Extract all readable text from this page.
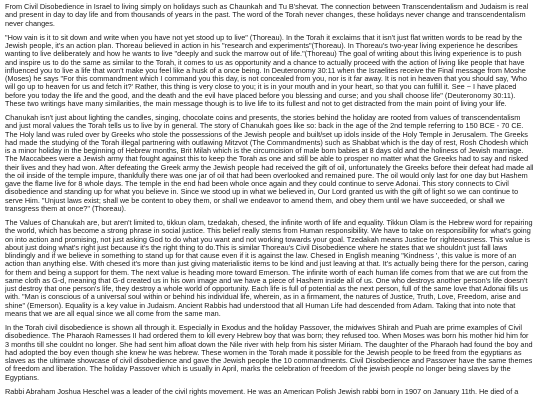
From Civil Disobedience in Israel to living simply on holidays such as Chaunkah and Tu B'shevat. The connection between Transcendentalism and Judaism is real and present in day to day life and from thousands of years in the past. The word of the Torah never changes, these holidays never change and transcendentalism never changes.

"How vain is it to sit down and write when you have not yet stood up to live" (Thoreau). In the Torah it exclaims that it isn't just flat written words to be read by the Jewish people, it's an action plan. Thoreau believed in action in his "research and experiments"(Thoreau). In Thoreau's two-year living experience he describes wanting to live deliberately and how he wants to live "deeply and suck the marrow out of life."(Thoreau) The goal of writing about this living experience is to push and inspire us to do the same as similar to the Torah, it comes to us as opportunity and a chance to actually proceed with the action of living like people that have influenced you to live a life that won't make you feel like a husk of a once being. In Deuteronomy 30:11 when the Israelites receive the Final message from Moshe (Moses) he says "For this commandment which I command you this day, is not concealed from you, nor is it far away. It is not in heaven that you should say, 'Who will go up to heaven for us and fetch it?' Rather, this thing is very close to you; it is in your mouth and in your heart, so that you can fulfill it. See ~ I have placed before you today the life and the good, and the death and the evil have placed before you blessing and curse; and you shall choose life" (Deuteronomy 30:11). These two writings have many similarities, the main message though is to live life to its fullest and not to get distracted from the main point of living your life.

Chanukah isn't just about lighting the candles, singing, chocolate coins and presents, the stories behind the holiday are rooted from values of transcendentalism and just moral values the Torah tells us to live by in general. The story of Chanukah goes like so: back in the age of the 2nd temple referring to 150 BCE - 70 CE. The Holy land was ruled over by Greeks who stole the possessions of the Jewish people and built/set up idols inside of the Holy Temple in Jerusalem. The Greeks had made the studying of the Torah illegal partnering with outlawing Mitzvot (The Commandments) such as Shabbat which is the day of rest, Rosh Chodesh which is a minor holiday in the beginning of Hebrew months, Brit Milah which is the circumcision of male born babies at 8 days old and the holiness of Jewish marriage. The Maccabees were a Jewish army that fought against this to keep the Torah as one and still be able to prosper no matter what the Greeks had to say and risked their lives and they had won. After defeating the Greek army the Jewish people had received the gift of oil, unfortunately the Greeks before their defeat had made all the oil inside of the temple impure, thankfully there was one jar of oil that had been overlooked and remained pure. The oil would only last for one day but Hashem gave the flame live for 8 whole days. The temple in the end had been whole once again and they could continue to serve Adonai. This story connects to Civil disobedience and standing up for what you believe in. Since we stood up in what we believed in, Our Lord granted us with the gift of light so we can continue to serve Him. "Unjust laws exist; shall we be content to obey them, or shall we endeavor to amend them, and obey them until we have succeeded, or shall we transgress them at once?" (Thoreau).

The Values of Chanukah are, but aren't limited to, tikkun olam, tzedakah, chesed, the infinite worth of life and equality. Tikkun Olam is the Hebrew word for repairing the world, which has become a strong phrase in social justice. This belief really stems from Human responsibility. We have to take on responsibility for what's going on into action and promising, not just asking God to do what you want and not working towards your goal. Tzedakah means Justice for righteousness. This value is about just doing what's right just because it's the right thing to do.This is similar Thoreau's Civil Disobedience where he states that we shouldn't just fall laws blindingly and if we believe in something to stand up for that cause even if it is against the law. Chesed in English meaning "Kindness ', this value is more of an action than anything else. With chesed it's more than just giving materialistic items to be kind and just leaving at that. It's actually being there for the person, caring for them and being a support for them. The next value is heading more toward Emerson. The infinite worth of each human life comes from that we are cut from the same cloth as G-d, meaning that G-d created us in his own image and we have a piece of Hashem inside all of us. One who destroys another person's life doesn't just destroy that one person's life, they destroy a whole world of opportunity. Each life is full of potential as the next person, full of the same love that Adonai fills us with. "Man is conscious of a universal soul within or behind his individual life, wherein, as in a firmament, the natures of Justice, Truth, Love, Freedom, arise and shine" (Emerson). Equality is a key value in Judaism. Ancient Rabbis had understood that all Human Life had descended from Adam. Taking that into note that means that we are all equal since we all come from the same man.

In the Torah civil disobedience is shown all through it. Especially in Exodus and the holiday Passover, the midwives Shirah and Puah are prime examples of Civil disobedience. The Pharaoh Ramesses II had ordered them to kill every Hebrew boy that was born; they refused too. When Moses was born his mother hid him for 3 months till she couldnt no longer. She had sent him afloat down the Nile river with help from his sister Miriam. The daughter of the Pharaoh had found the boy and had adopted the boy even though she knew he was hebrew. These women in the Torah made it possible for the Jewish people to be freed from the egyptians as slaves as the ultimate showcase of civil disobedience and gave the Jewish people the 10 commandments. Civil Disobedience and Passover have the same themes of freedom and liberation. The holiday Passover which is usually in April, marks the celebration of freedom of the jewish people no longer being slaves by the Egyptians.

Rabbi Abraham Joshua Heschel was a leader of the civil rights movement. He was an American Polish Jewish rabbi born in 1907 on January 11th. He died of a
